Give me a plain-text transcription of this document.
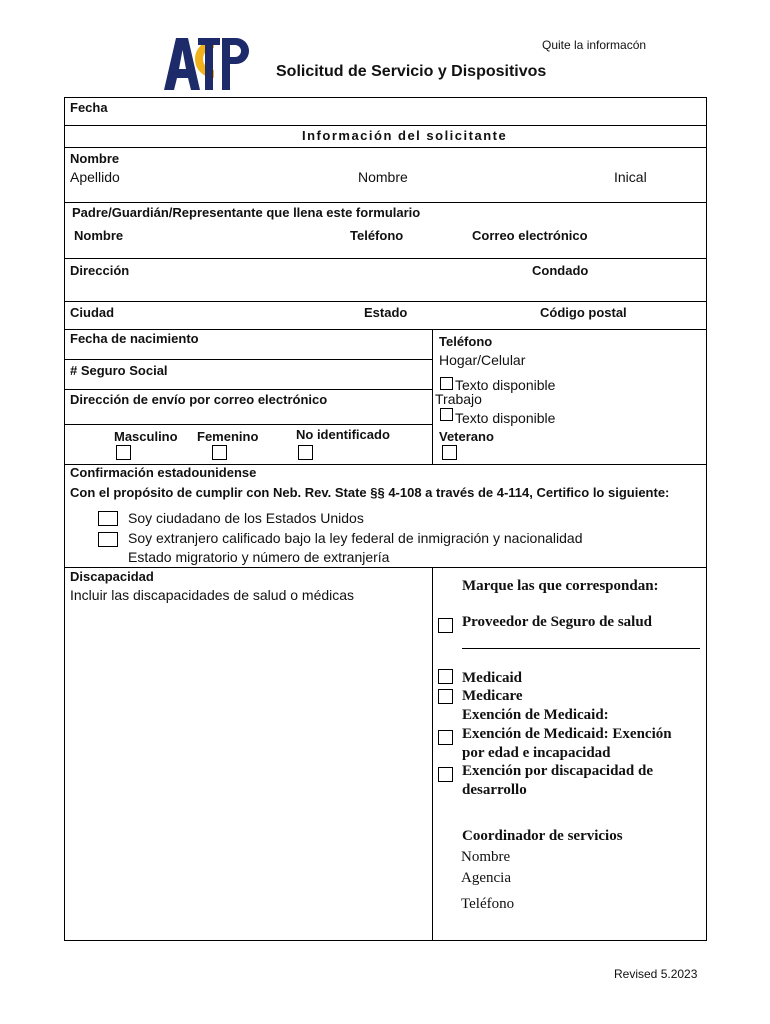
Quite la informacón
Solicitud de Servicio y Dispositivos
Fecha
Información del solicitante
Nombre
Apellido	Nombre	Inical
Padre/Guardián/Representante que llena este formulario
Nombre	Teléfono	Correo electrónico
Dirección	Condado
Ciudad	Estado	Código postal
Fecha de nacimiento
# Seguro Social
Dirección de envío por correo electrónico
Masculino Femenino	No identificado
Teléfono
Hogar/Celular
Texto disponible
Trabajo
Texto disponible
Veterano
Confirmación estadounidense
Con el propósito de cumplir con Neb. Rev. State §§ 4-108 a través de 4-114, Certifico lo siguiente:
Soy ciudadano de los Estados Unidos
Soy extranjero calificado bajo la ley federal de inmigración y nacionalidad
Estado migratorio y número de extranjería
Discapacidad
Incluir las discapacidades de salud o médicas
Marque las que correspondan:
Proveedor de Seguro de salud
Medicaid
Medicare
Exención de Medicaid:
Exención de Medicaid: Exención
por edad e incapacidad
Exención por discapacidad de
desarrollo
Coordinador de servicios
Nombre
Agencia
Teléfono
Revised 5.2023
